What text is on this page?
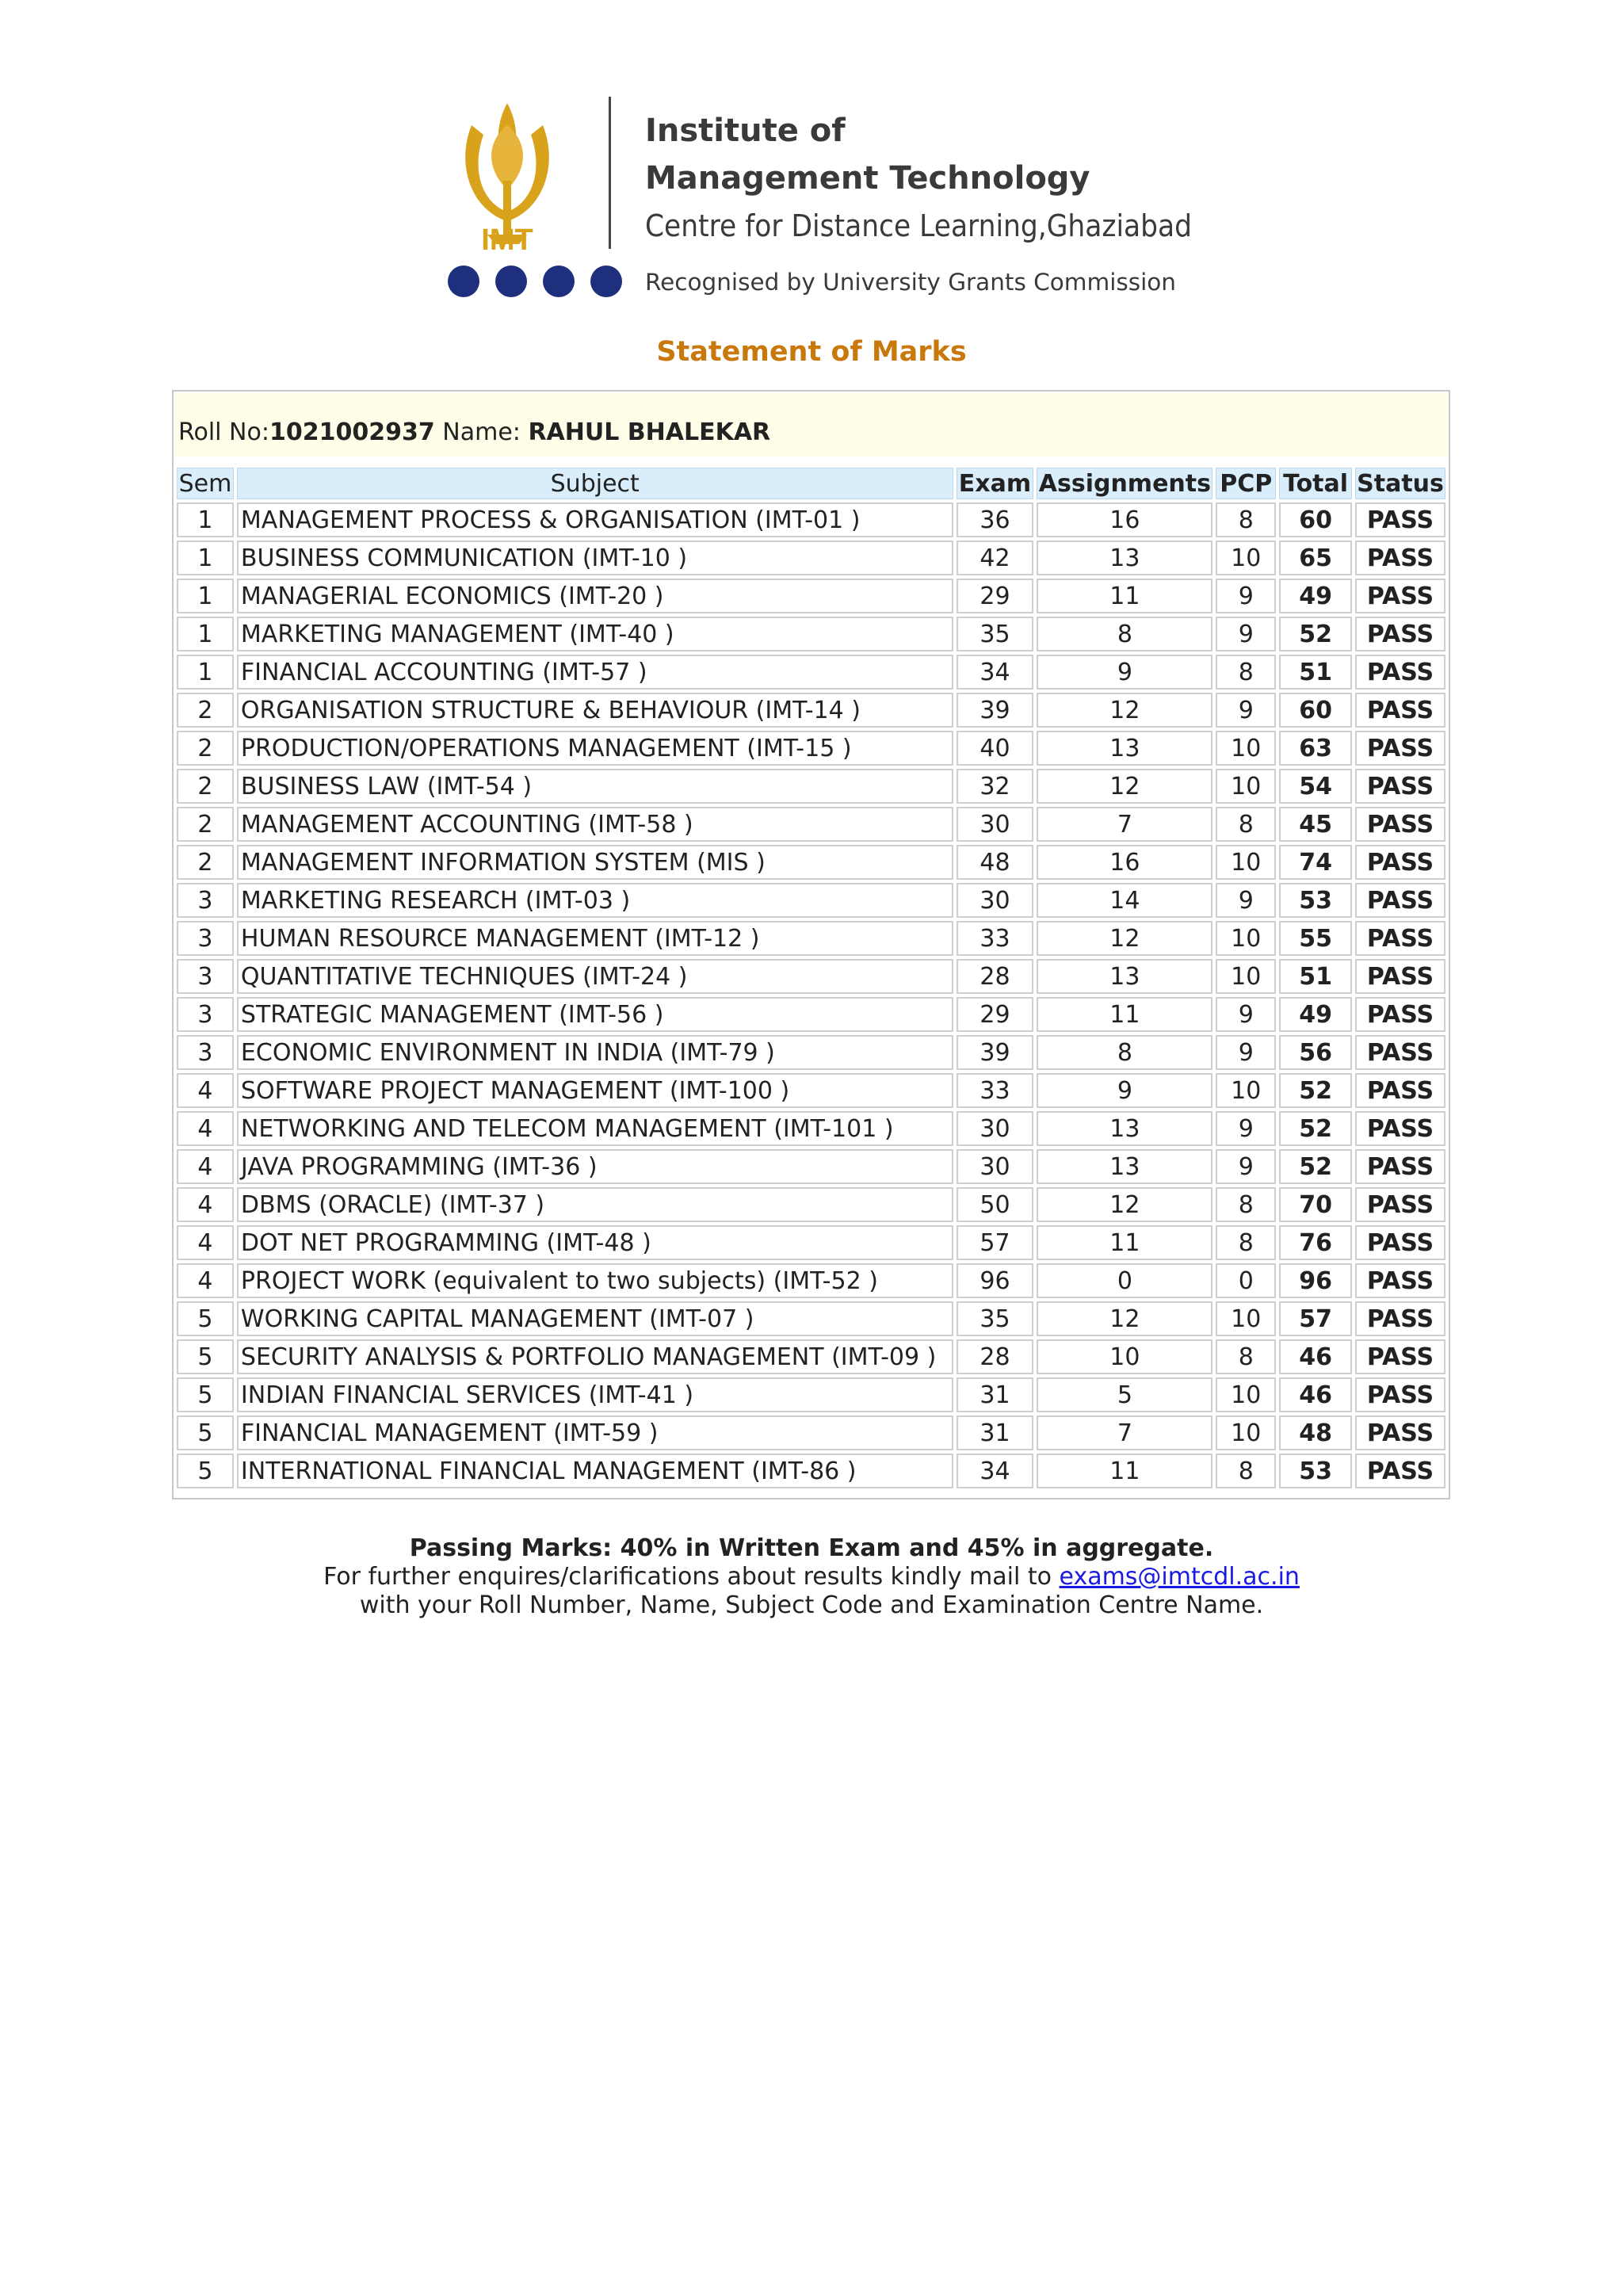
IMT
Institute of
Management Technology
Centre for Distance Learning,Ghaziabad
Recognised by University Grants Commission
Statement of Marks
Roll No:1021002937 Name: RAHUL BHALEKAR
Sem	Subject	Exam	Assignments	PCP	Total	Status
1	MANAGEMENT PROCESS & ORGANISATION (IMT-01 )	36	16	8	60	PASS
1	BUSINESS COMMUNICATION (IMT-10 )	42	13	10	65	PASS
1	MANAGERIAL ECONOMICS (IMT-20 )	29	11	9	49	PASS
1	MARKETING MANAGEMENT (IMT-40 )	35	8	9	52	PASS
1	FINANCIAL ACCOUNTING (IMT-57 )	34	9	8	51	PASS
2	ORGANISATION STRUCTURE & BEHAVIOUR (IMT-14 )	39	12	9	60	PASS
2	PRODUCTION/OPERATIONS MANAGEMENT (IMT-15 )	40	13	10	63	PASS
2	BUSINESS LAW (IMT-54 )	32	12	10	54	PASS
2	MANAGEMENT ACCOUNTING (IMT-58 )	30	7	8	45	PASS
2	MANAGEMENT INFORMATION SYSTEM (MIS )	48	16	10	74	PASS
3	MARKETING RESEARCH (IMT-03 )	30	14	9	53	PASS
3	HUMAN RESOURCE MANAGEMENT (IMT-12 )	33	12	10	55	PASS
3	QUANTITATIVE TECHNIQUES (IMT-24 )	28	13	10	51	PASS
3	STRATEGIC MANAGEMENT (IMT-56 )	29	11	9	49	PASS
3	ECONOMIC ENVIRONMENT IN INDIA (IMT-79 )	39	8	9	56	PASS
4	SOFTWARE PROJECT MANAGEMENT (IMT-100 )	33	9	10	52	PASS
4	NETWORKING AND TELECOM MANAGEMENT (IMT-101 )	30	13	9	52	PASS
4	JAVA PROGRAMMING (IMT-36 )	30	13	9	52	PASS
4	DBMS (ORACLE) (IMT-37 )	50	12	8	70	PASS
4	DOT NET PROGRAMMING (IMT-48 )	57	11	8	76	PASS
4	PROJECT WORK (equivalent to two subjects) (IMT-52 )	96	0	0	96	PASS
5	WORKING CAPITAL MANAGEMENT (IMT-07 )	35	12	10	57	PASS
5	SECURITY ANALYSIS & PORTFOLIO MANAGEMENT (IMT-09 )	28	10	8	46	PASS
5	INDIAN FINANCIAL SERVICES (IMT-41 )	31	5	10	46	PASS
5	FINANCIAL MANAGEMENT (IMT-59 )	31	7	10	48	PASS
5	INTERNATIONAL FINANCIAL MANAGEMENT (IMT-86 )	34	11	8	53	PASS
Passing Marks: 40% in Written Exam and 45% in aggregate.
For further enquires/clarifications about results kindly mail to exams@imtcdl.ac.in
with your Roll Number, Name, Subject Code and Examination Centre Name.
